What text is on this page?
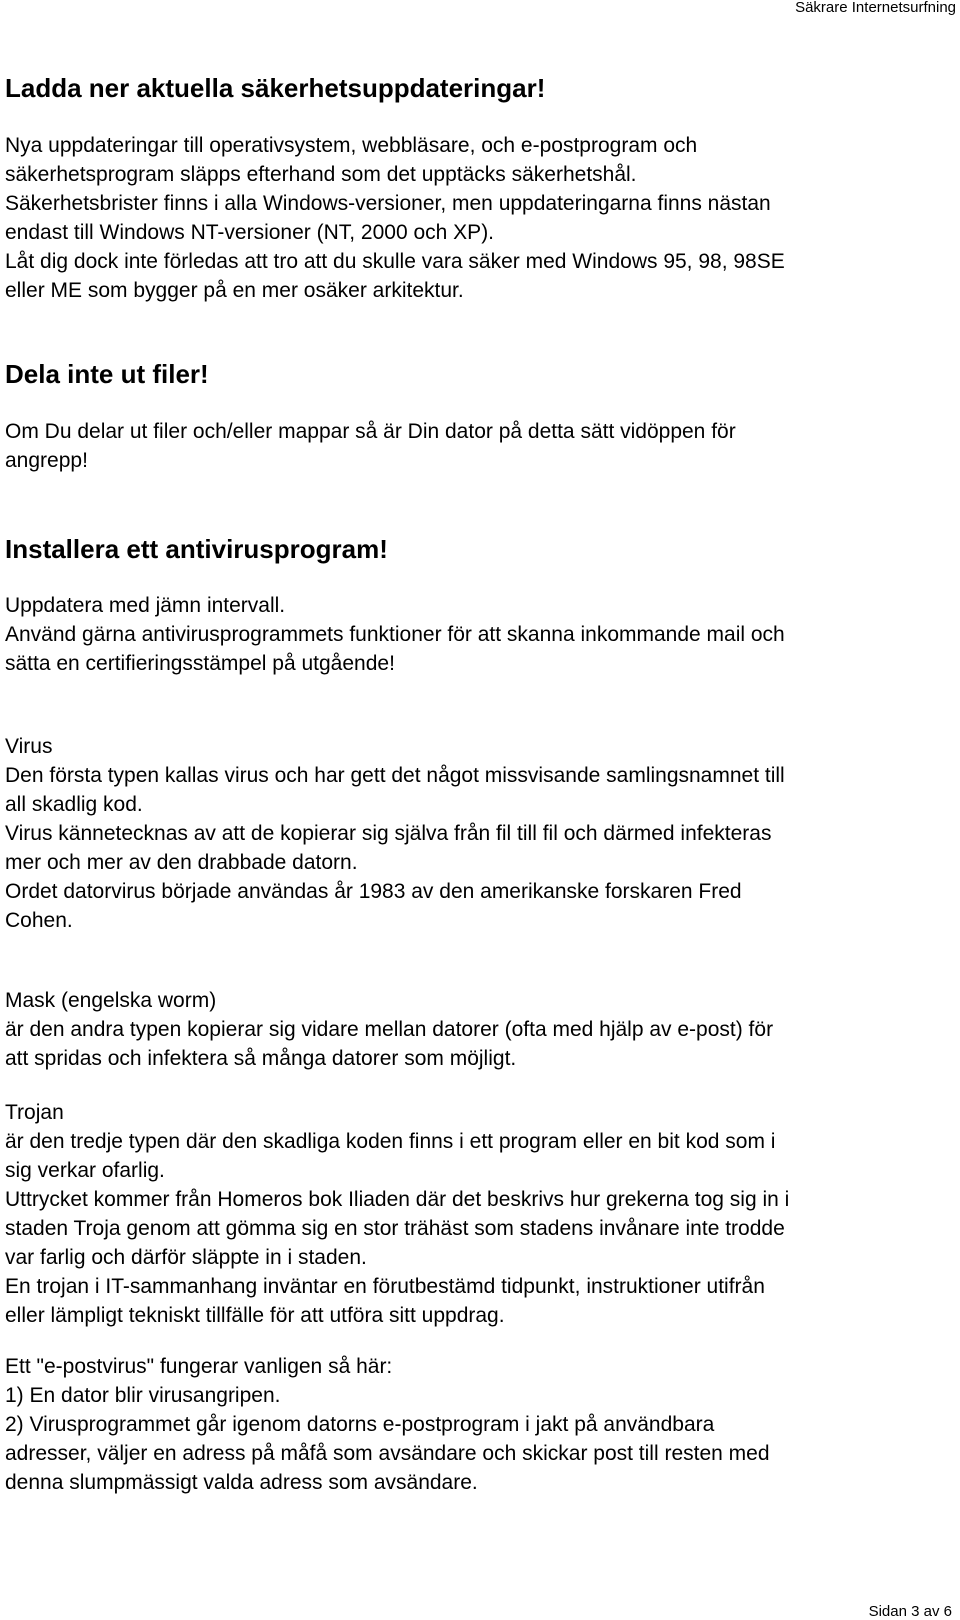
Säkrare Internetsurfning
Ladda ner aktuella säkerhetsuppdateringar!
Nya uppdateringar till operativsystem, webbläsare, och e-postprogram och
säkerhetsprogram släpps efterhand som det upptäcks säkerhetshål.
Säkerhetsbrister finns i alla Windows-versioner, men uppdateringarna finns nästan
endast till Windows NT-versioner (NT, 2000 och XP).
Låt dig dock inte förledas att tro att du skulle vara säker med Windows 95, 98, 98SE
eller ME som bygger på en mer osäker arkitektur.
Dela inte ut filer!
Om Du delar ut filer och/eller mappar så är Din dator på detta sätt vidöppen för
angrepp!
Installera ett antivirusprogram!
Uppdatera med jämn intervall.
Använd gärna antivirusprogrammets funktioner för att skanna inkommande mail och
sätta en certifieringsstämpel på utgående!
Virus
Den första typen kallas virus och har gett det något missvisande samlingsnamnet till
all skadlig kod.
Virus kännetecknas av att de kopierar sig själva från fil till fil och därmed infekteras
mer och mer av den drabbade datorn.
Ordet datorvirus började användas år 1983 av den amerikanske forskaren Fred
Cohen.
Mask (engelska worm)
är den andra typen kopierar sig vidare mellan datorer (ofta med hjälp av e-post) för
att spridas och infektera så många datorer som möjligt.
Trojan
är den tredje typen där den skadliga koden finns i ett program eller en bit kod som i
sig verkar ofarlig.
Uttrycket kommer från Homeros bok Iliaden där det beskrivs hur grekerna tog sig in i
staden Troja genom att gömma sig en stor trähäst som stadens invånare inte trodde
var farlig och därför släppte in i staden.
En trojan i IT-sammanhang inväntar en förutbestämd tidpunkt, instruktioner utifrån
eller lämpligt tekniskt tillfälle för att utföra sitt uppdrag.
Ett "e-postvirus" fungerar vanligen så här:
1) En dator blir virusangripen.
2) Virusprogrammet går igenom datorns e-postprogram i jakt på användbara
adresser, väljer en adress på måfå som avsändare och skickar post till resten med
denna slumpmässigt valda adress som avsändare.
Sidan 3 av 6
